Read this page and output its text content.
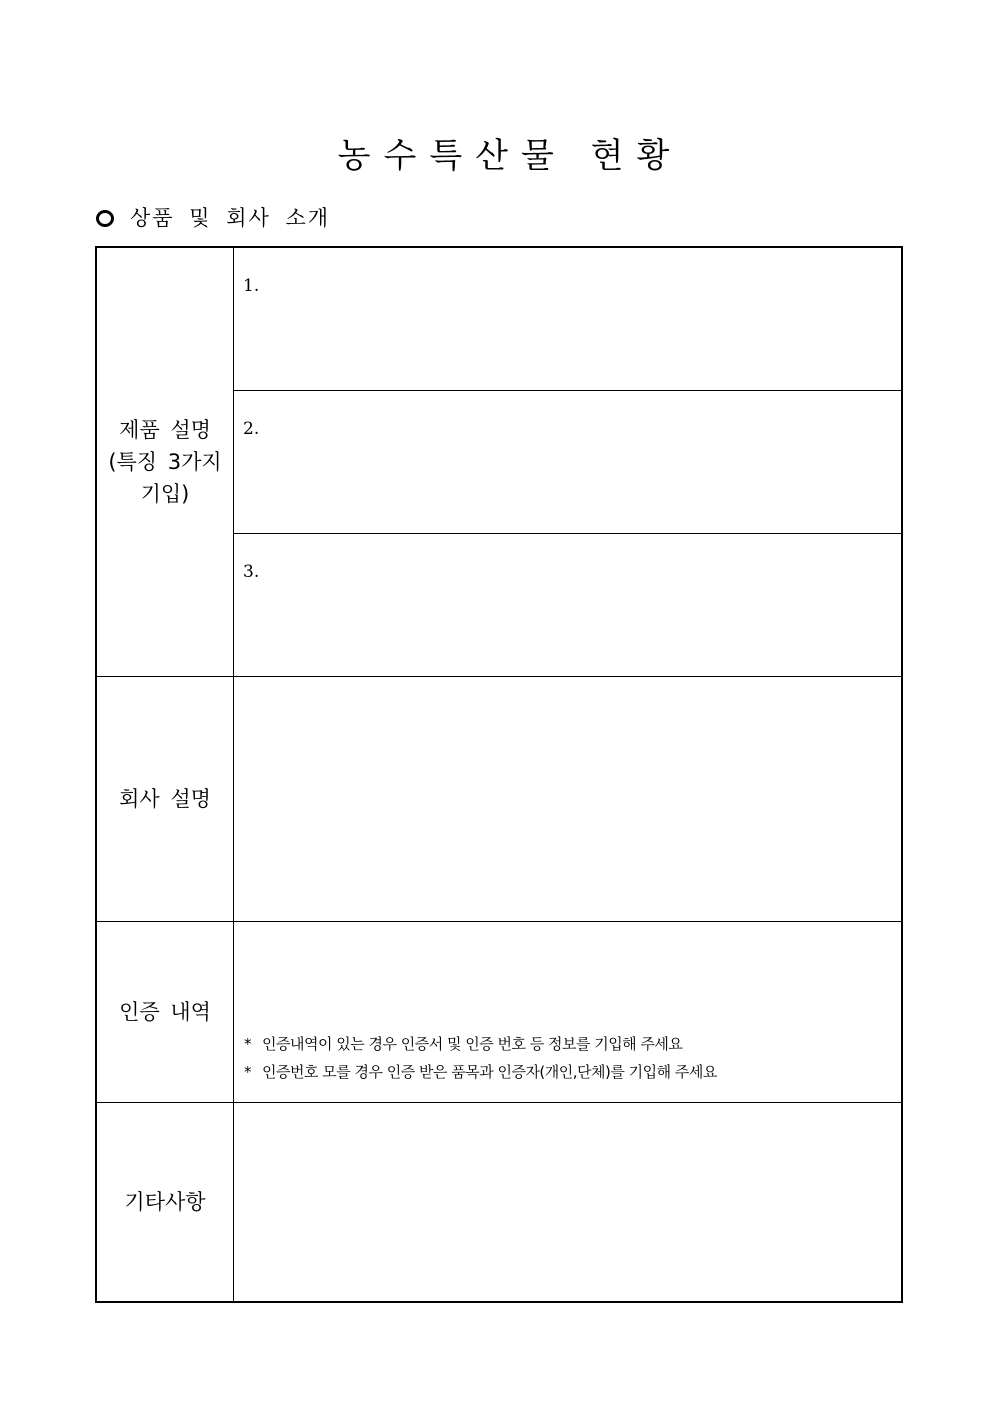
농수특산물 현황
상품 및 회사 소개
제품 설명
(특징 3가지
기입)	1.

	2.

	3.

회사 설명	
인증 내역	* 인증내역이 있는 경우 인증서 및 인증 번호 등 정보를 기입해 주세요
* 인증번호 모를 경우 인증 받은 품목과 인증자(개인,단체)를 기입해 주세요

기타사항	
